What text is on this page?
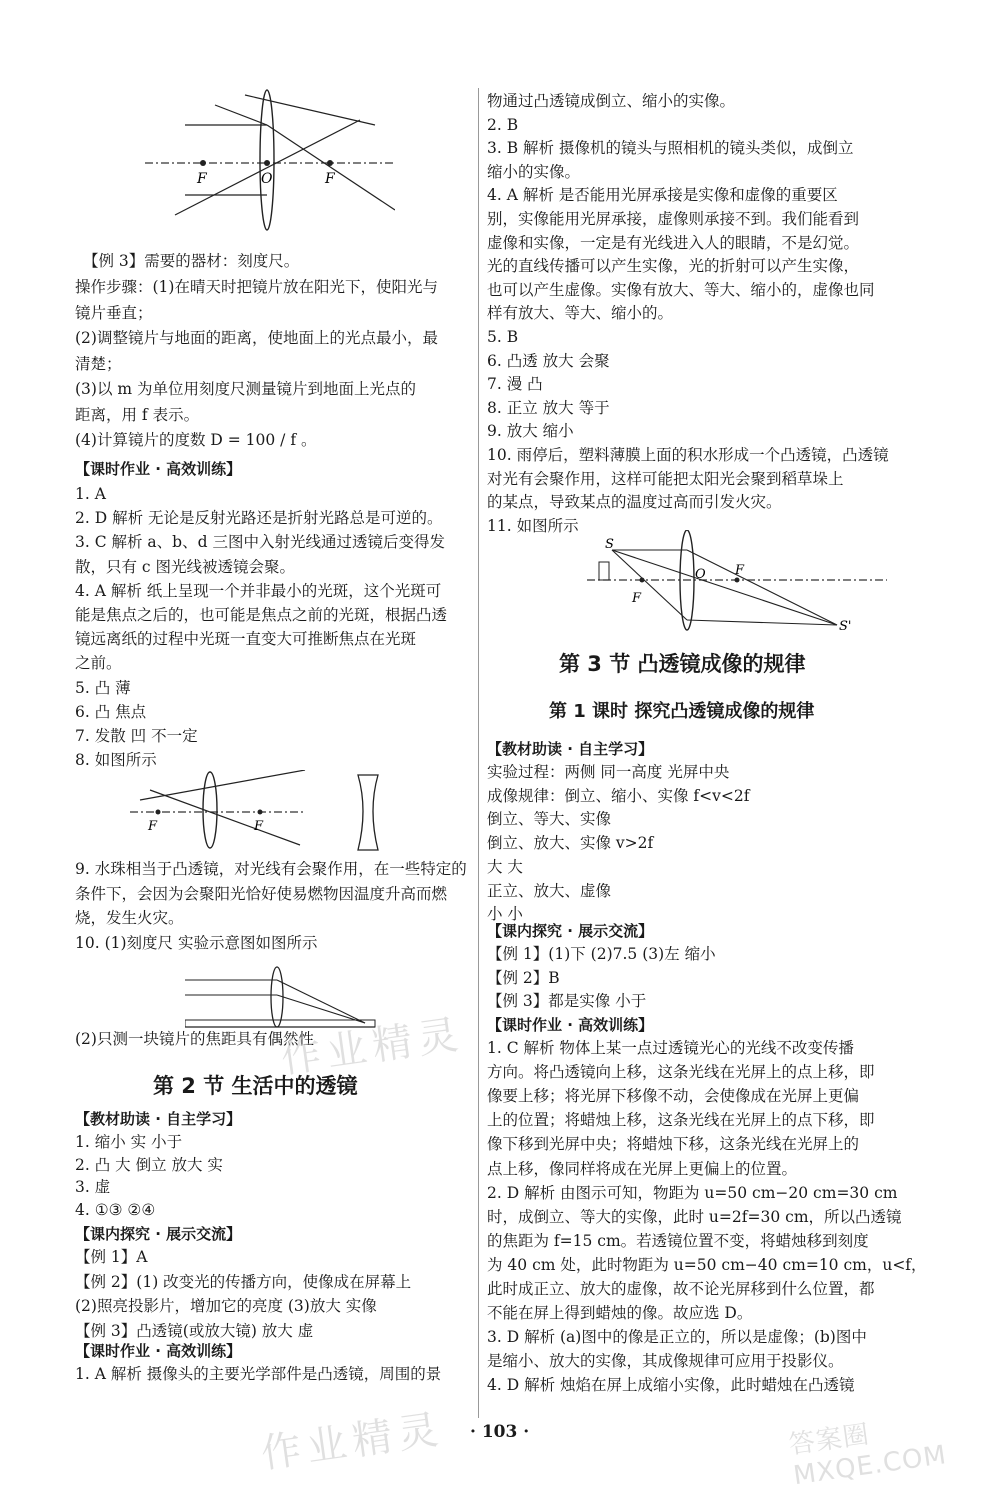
F	O	F
【例 3】需要的器材：刻度尺。
操作步骤：(1)在晴天时把镜片放在阳光下，使阳光与
镜片垂直；
(2)调整镜片与地面的距离，使地面上的光点最小，最
清楚；
(3)以 m 为单位用刻度尺测量镜片到地面上光点的
距离，用 f 表示。
(4)计算镜片的度数 D = 100 / f 。
【课时作业 · 高效训练】
1. A
2. D 解析 无论是反射光路还是折射光路总是可逆的。
3. C 解析 a、b、d 三图中入射光线通过透镜后变得发
散，只有 c 图光线被透镜会聚。
4. A 解析 纸上呈现一个并非最小的光斑，这个光斑可
能是焦点之后的，也可能是焦点之前的光斑，根据凸透
镜远离纸的过程中光斑一直变大可推断焦点在光斑
之前。
5. 凸 薄
6. 凸 焦点
7. 发散 凹 不一定
8. 如图所示
F	F
9. 水珠相当于凸透镜，对光线有会聚作用，在一些特定的
条件下，会因为会聚阳光恰好使易燃物因温度升高而燃
烧，发生火灾。
10. (1)刻度尺 实验示意图如图所示
(2)只测一块镜片的焦距具有偶然性
第 2 节 生活中的透镜
【教材助读 · 自主学习】
1. 缩小 实 小于
2. 凸 大 倒立 放大 实
3. 虚
4. ①③ ②④
【课内探究 · 展示交流】
【例 1】A
【例 2】(1) 改变光的传播方向，使像成在屏幕上
(2)照亮投影片，增加它的亮度 (3)放大 实像
【例 3】凸透镜(或放大镜) 放大 虚
【课时作业 · 高效训练】
1. A 解析 摄像头的主要光学部件是凸透镜，周围的景
物通过凸透镜成倒立、缩小的实像。
2. B
3. B 解析 摄像机的镜头与照相机的镜头类似，成倒立
缩小的实像。
4. A 解析 是否能用光屏承接是实像和虚像的重要区
别，实像能用光屏承接，虚像则承接不到。我们能看到
虚像和实像，一定是有光线进入人的眼睛，不是幻觉。
光的直线传播可以产生实像，光的折射可以产生实像，
也可以产生虚像。实像有放大、等大、缩小的，虚像也同
样有放大、等大、缩小的。
5. B
6. 凸透 放大 会聚
7. 漫 凸
8. 正立 放大 等于
9. 放大 缩小
10. 雨停后，塑料薄膜上面的积水形成一个凸透镜，凸透镜
对光有会聚作用，这样可能把太阳光会聚到稻草垛上
的某点，导致某点的温度过高而引发火灾。
11. 如图所示
S
O
F
F
S'
第 3 节 凸透镜成像的规律
第 1 课时 探究凸透镜成像的规律
【教材助读 · 自主学习】
实验过程：两侧 同一高度 光屏中央
成像规律：倒立、缩小、实像 f<v<2f
倒立、等大、实像
倒立、放大、实像 v>2f
大 大
正立、放大、虚像
小 小
【课内探究 · 展示交流】
【例 1】(1)下 (2)7.5 (3)左 缩小
【例 2】B
【例 3】都是实像 小于
【课时作业 · 高效训练】
1. C 解析 物体上某一点过透镜光心的光线不改变传播
方向。将凸透镜向上移，这条光线在光屏上的点上移，即
像要上移；将光屏下移像不动，会使像成在光屏上更偏
上的位置；将蜡烛上移，这条光线在光屏上的点下移，即
像下移到光屏中央；将蜡烛下移，这条光线在光屏上的
点上移，像同样将成在光屏上更偏上的位置。
2. D 解析 由图示可知，物距为 u=50 cm−20 cm=30 cm
时，成倒立、等大的实像，此时 u=2f=30 cm，所以凸透镜
的焦距为 f=15 cm。若透镜位置不变，将蜡烛移到刻度
为 40 cm 处，此时物距为 u=50 cm−40 cm=10 cm，u<f，
此时成正立、放大的虚像，故不论光屏移到什么位置，都
不能在屏上得到蜡烛的像。故应选 D。
3. D 解析 (a)图中的像是正立的，所以是虚像；(b)图中
是缩小、放大的实像，其成像规律可应用于投影仪。
4. D 解析 烛焰在屏上成缩小实像，此时蜡烛在凸透镜
作业精灵
作业精灵	答案圈 MXQE.COM
· 103 ·
